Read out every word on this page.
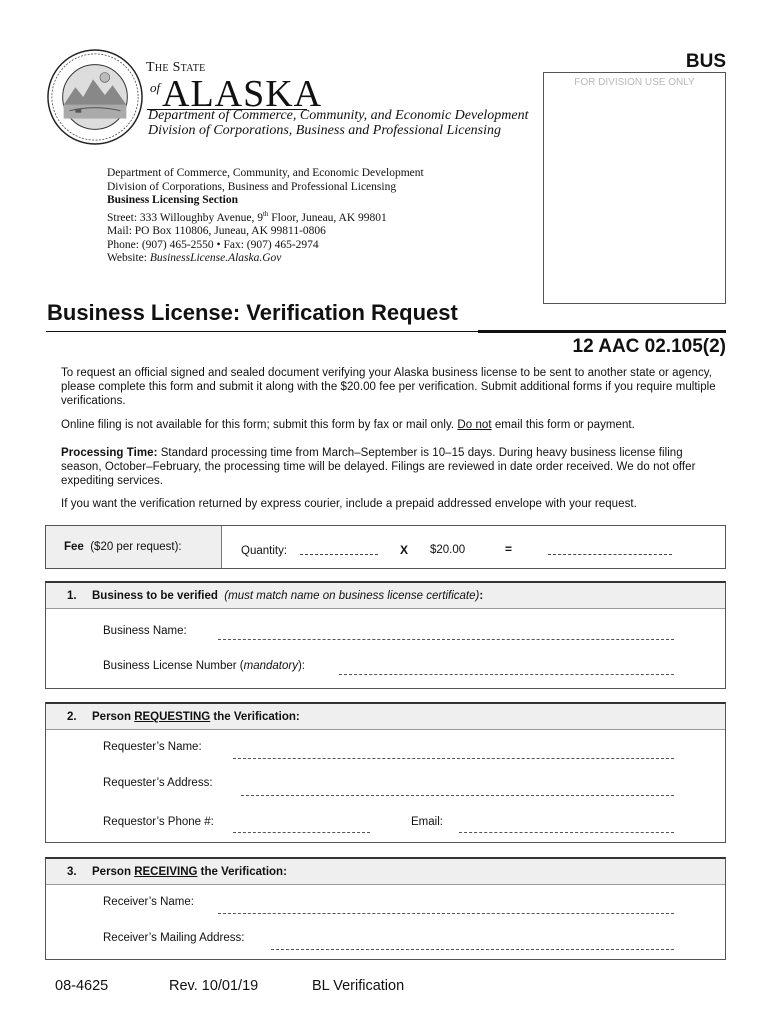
The State
of ALASKA
Department of Commerce, Community, and Economic Development
Division of Corporations, Business and Professional Licensing
BUS
FOR DIVISION USE ONLY
Department of Commerce, Community, and Economic Development
Division of Corporations, Business and Professional Licensing
Business Licensing Section
Street: 333 Willoughby Avenue, 9th Floor, Juneau, AK 99801
Mail: PO Box 110806, Juneau, AK 99811-0806
Phone: (907) 465-2550 • Fax: (907) 465-2974
Website: BusinessLicense.Alaska.Gov
Business License: Verification Request
12 AAC 02.105(2)
To request an official signed and sealed document verifying your Alaska business license to be sent to another state or agency, please complete this form and submit it along with the $20.00 fee per verification. Submit additional forms if you require multiple verifications.
Online filing is not available for this form; submit this form by fax or mail only. Do not email this form or payment.
Processing Time: Standard processing time from March–September is 10–15 days. During heavy business license filing season, October–February, the processing time will be delayed. Filings are reviewed in date order received. We do not offer expediting services.
If you want the verification returned by express courier, include a prepaid addressed envelope with your request.
Fee  ($20 per request):	Quantity:	X $20.00	=
1. Business to be verified (must match name on business license certificate):
Business Name:
Business License Number (mandatory):
2. Person REQUESTING the Verification:
Requester’s Name:
Requester’s Address:
Requestor’s Phone #:	Email:
3. Person RECEIVING the Verification:
Receiver’s Name:
Receiver’s Mailing Address:
08-4625	Rev. 10/01/19	BL Verification
